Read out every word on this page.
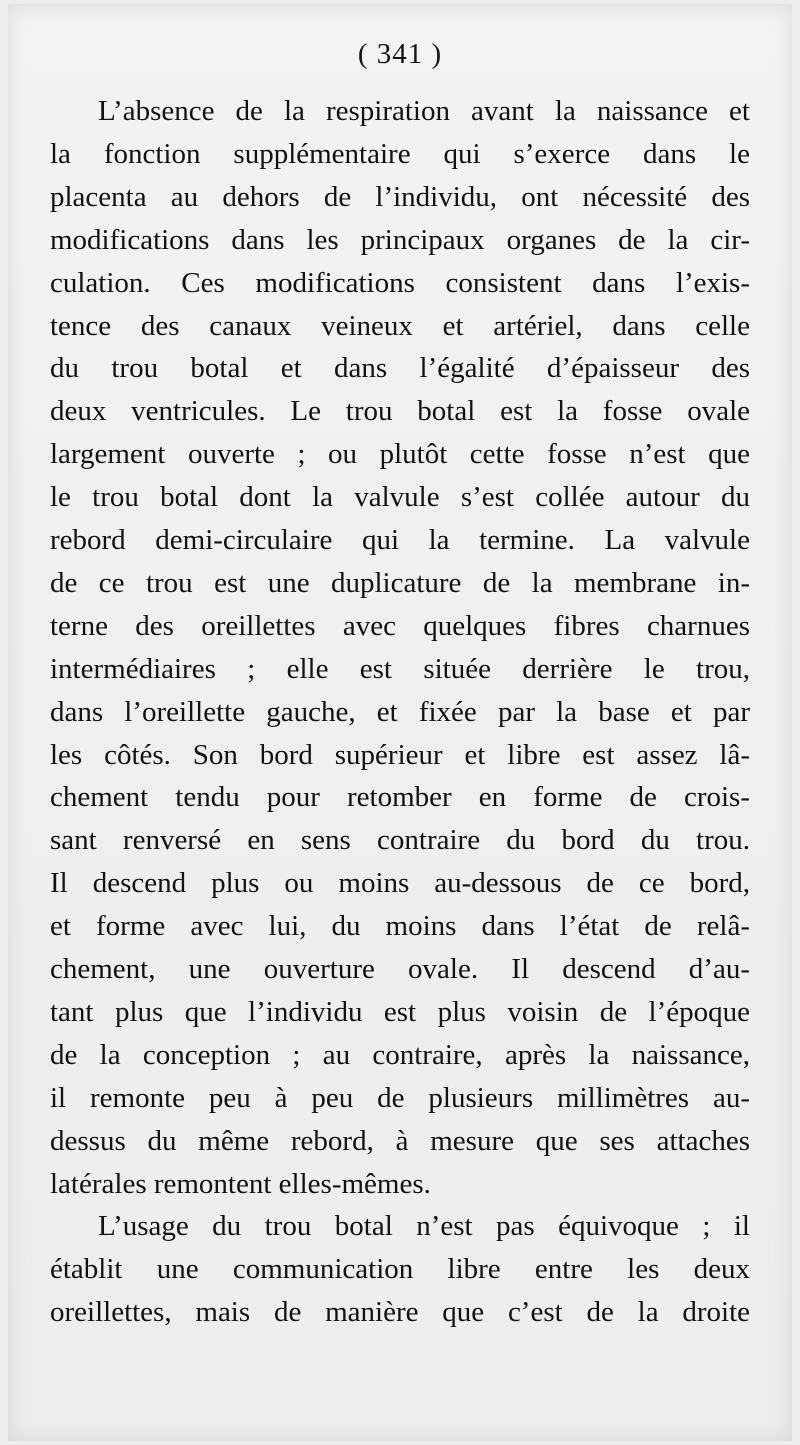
( 341 )
L’absence de la respiration avant la naissance et
la fonction supplémentaire qui s’exerce dans le
placenta au dehors de l’individu, ont nécessité des
modifications dans les principaux organes de la cir-
culation. Ces modifications consistent dans l’exis-
tence des canaux veineux et artériel, dans celle
du trou botal et dans l’égalité d’épaisseur des
deux ventricules. Le trou botal est la fosse ovale
largement ouverte ; ou plutôt cette fosse n’est que
le trou botal dont la valvule s’est collée autour du
rebord demi-circulaire qui la termine. La valvule
de ce trou est une duplicature de la membrane in-
terne des oreillettes avec quelques fibres charnues
intermédiaires ; elle est située derrière le trou,
dans l’oreillette gauche, et fixée par la base et par
les côtés. Son bord supérieur et libre est assez lâ-
chement tendu pour retomber en forme de crois-
sant renversé en sens contraire du bord du trou.
Il descend plus ou moins au-dessous de ce bord,
et forme avec lui, du moins dans l’état de relâ-
chement, une ouverture ovale. Il descend d’au-
tant plus que l’individu est plus voisin de l’époque
de la conception ; au contraire, après la naissance,
il remonte peu à peu de plusieurs millimètres au-
dessus du même rebord, à mesure que ses attaches
latérales remontent elles-mêmes.
L’usage du trou botal n’est pas équivoque ; il
établit une communication libre entre les deux
oreillettes, mais de manière que c’est de la droite
